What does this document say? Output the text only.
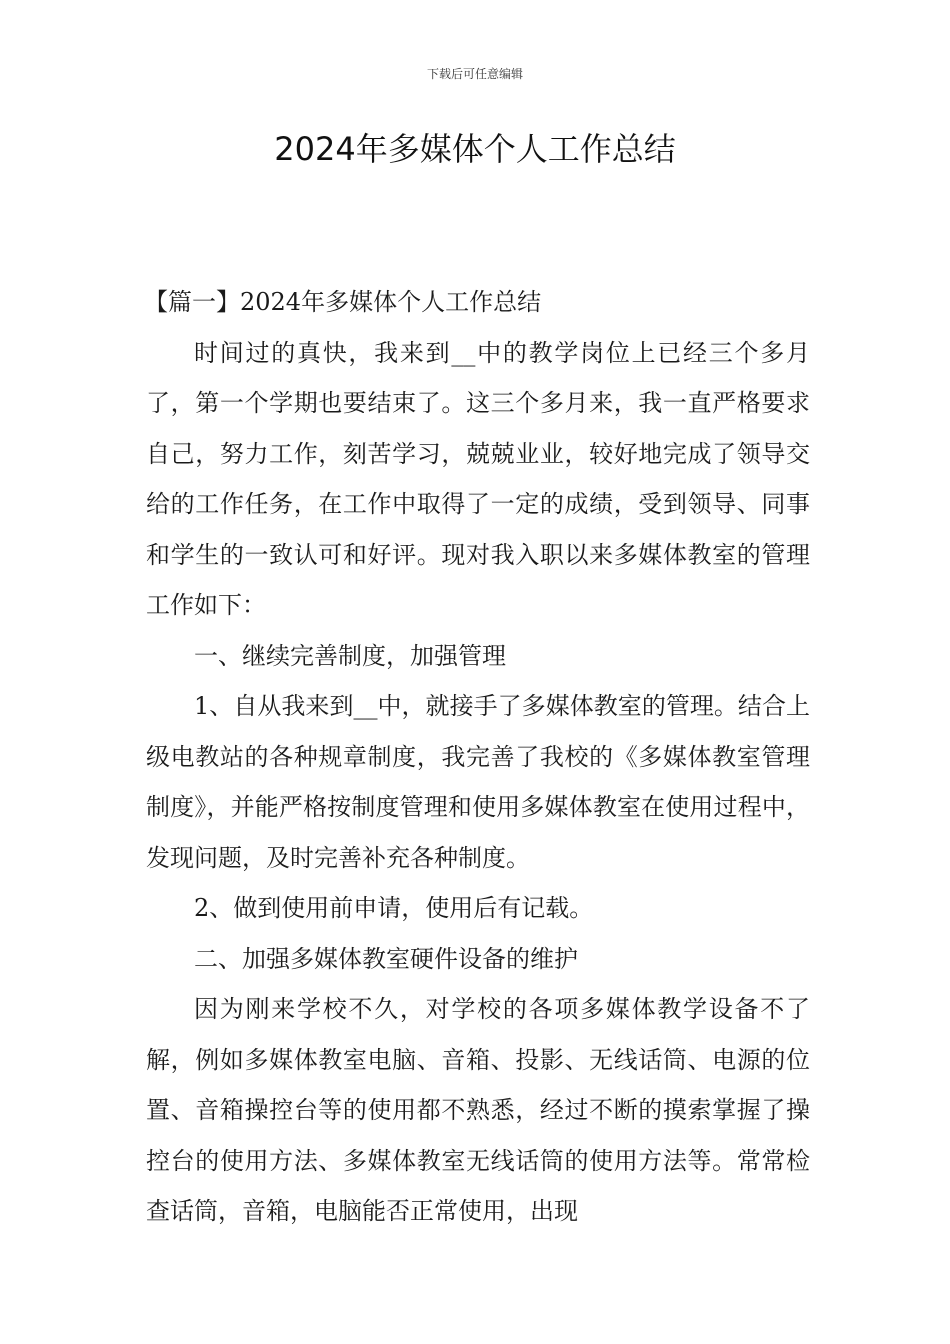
下载后可任意编辑
2024年多媒体个人工作总结

【篇一】2024年多媒体个人工作总结

时间过的真快，我来到__中的教学岗位上已经三个多月了，第一个学期也要结束了。这三个多月来，我一直严格要求自己，努力工作，刻苦学习，兢兢业业，较好地完成了领导交给的工作任务，在工作中取得了一定的成绩，受到领导、同事和学生的一致认可和好评。现对我入职以来多媒体教室的管理工作如下：

一、继续完善制度，加强管理

1、自从我来到__中，就接手了多媒体教室的管理。结合上级电教站的各种规章制度，我完善了我校的《多媒体教室管理制度》，并能严格按制度管理和使用多媒体教室在使用过程中，发现问题，及时完善补充各种制度。

2、做到使用前申请，使用后有记载。

二、加强多媒体教室硬件设备的维护

因为刚来学校不久，对学校的各项多媒体教学设备不了解，例如多媒体教室电脑、音箱、投影、无线话筒、电源的位置、音箱操控台等的使用都不熟悉，经过不断的摸索掌握了操控台的使用方法、多媒体教室无线话筒的使用方法等。常常检查话筒，音箱，电脑能否正常使用，出现
